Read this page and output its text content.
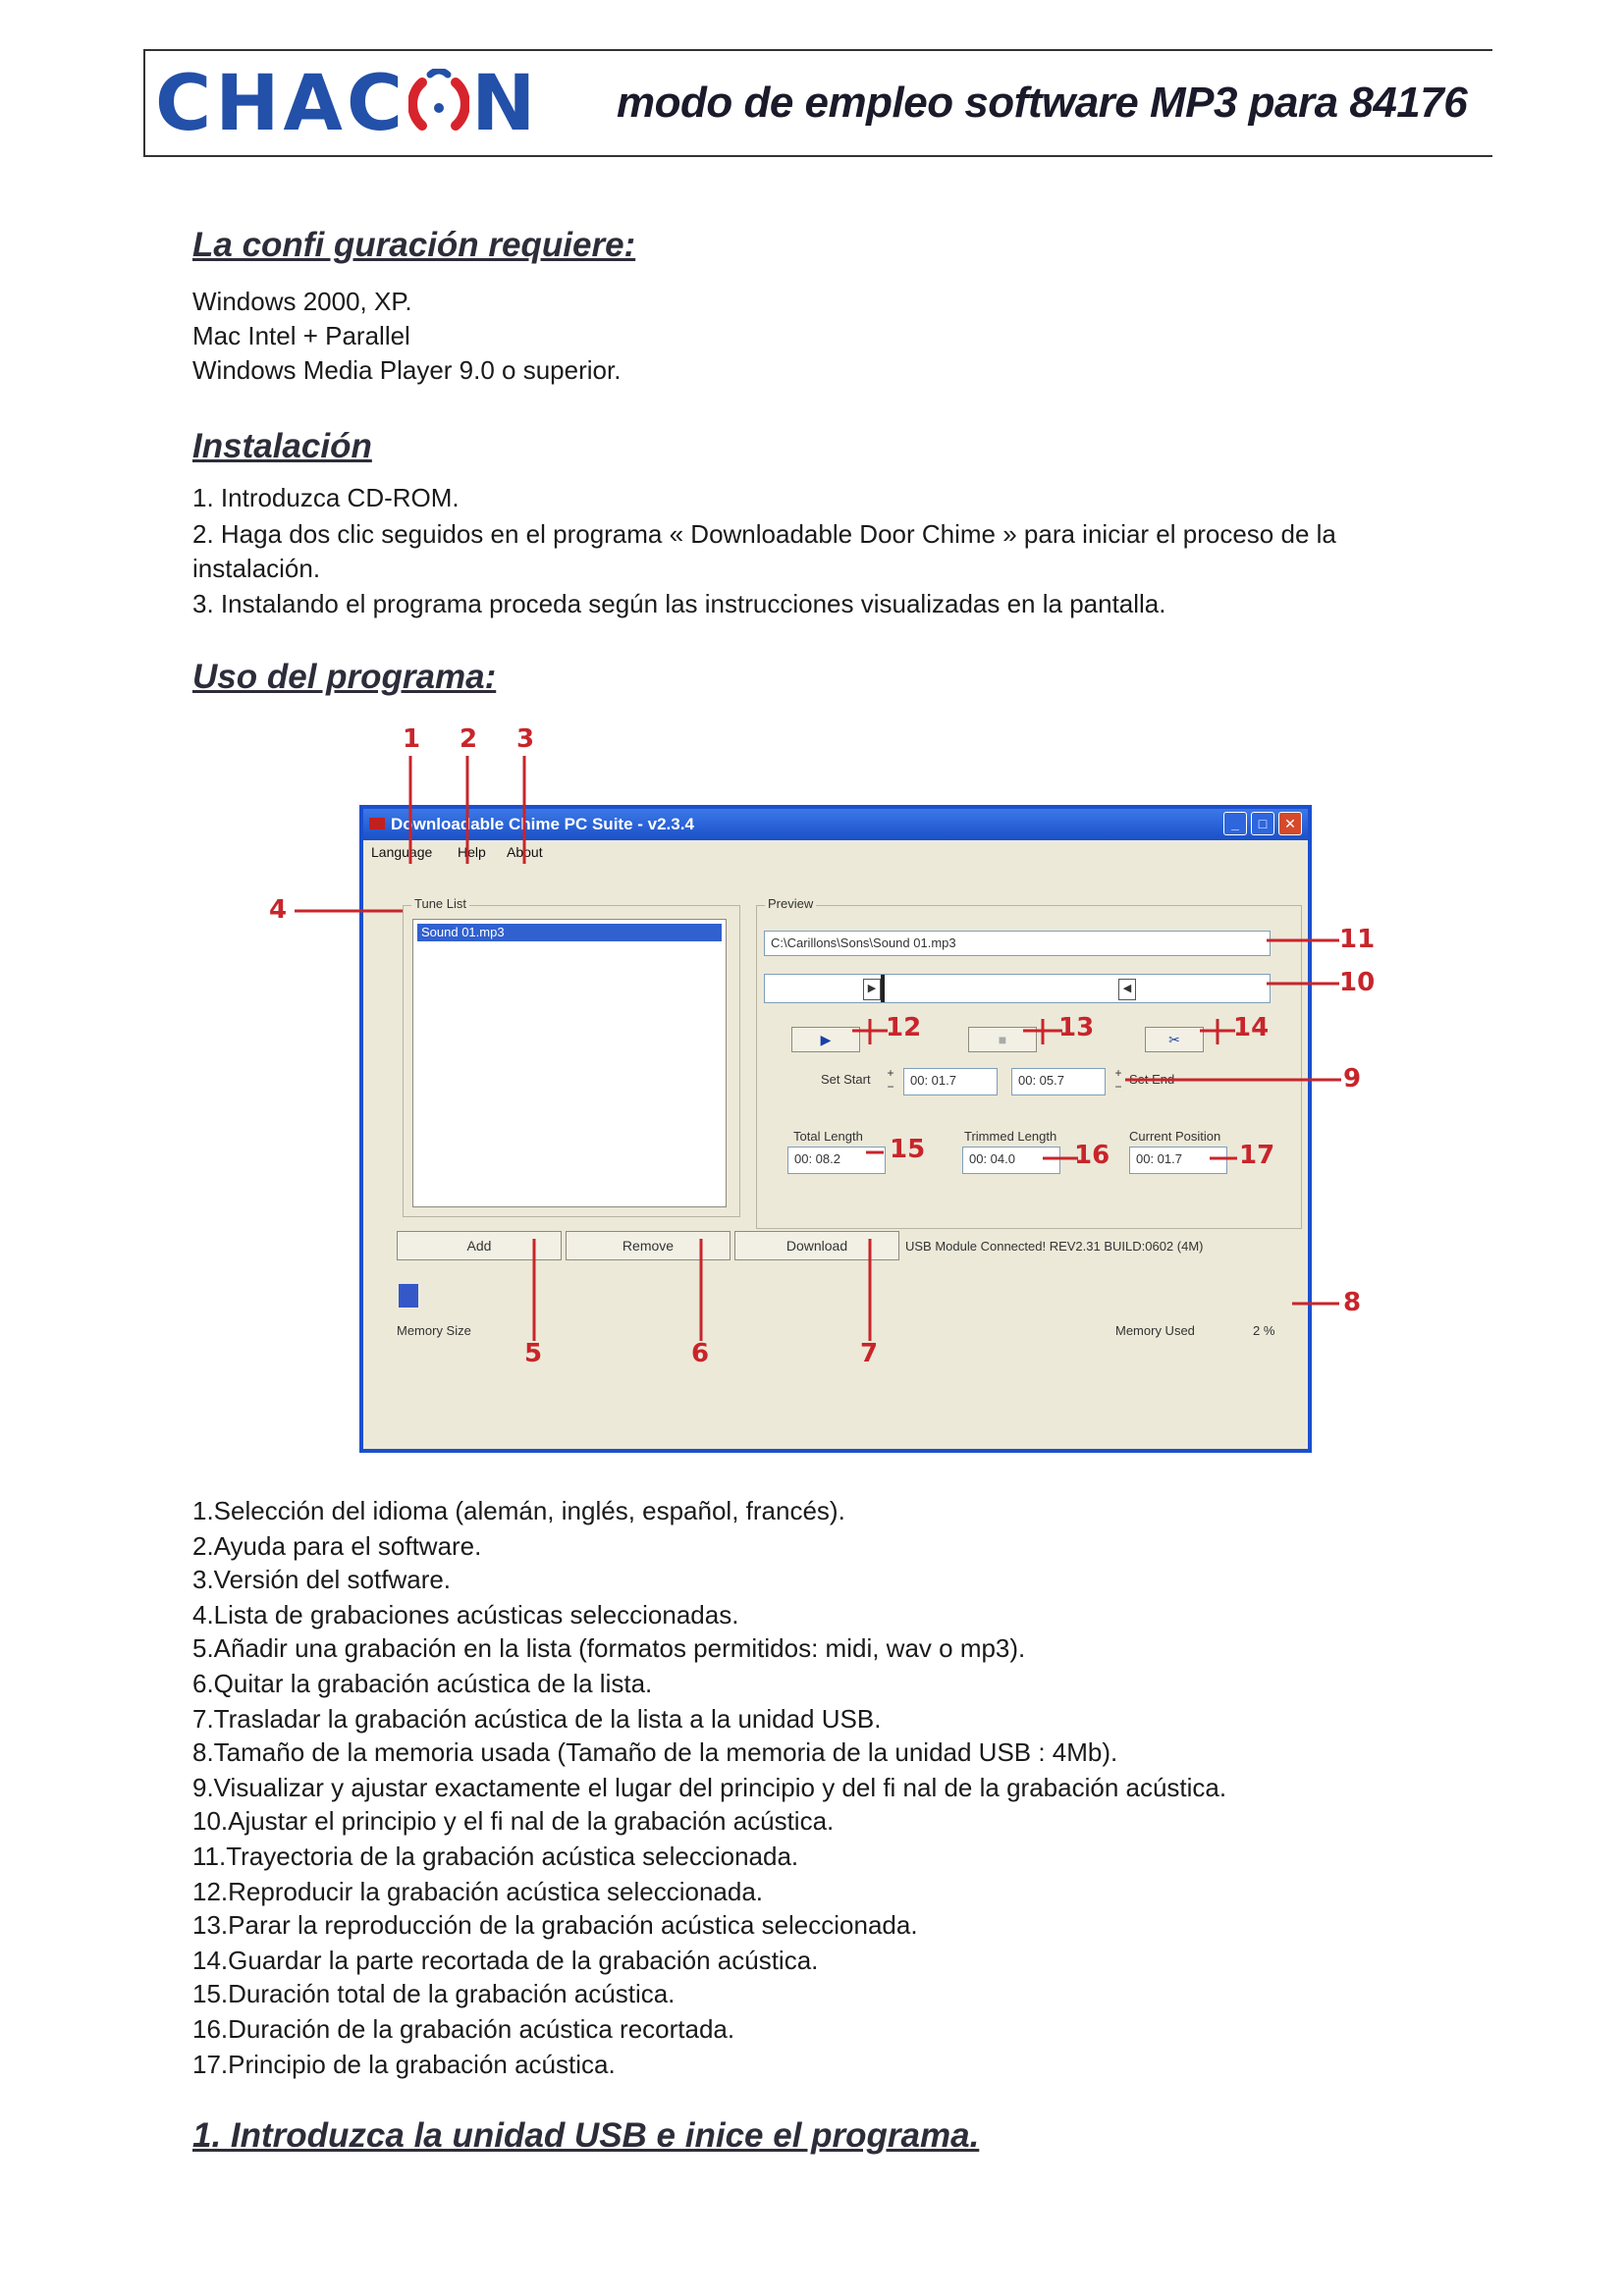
CHAC N modo de empleo software MP3 para 84176
La confi guración requiere:
Windows 2000, XP.
Mac Intel + Parallel
Windows Media Player 9.0 o superior.
Instalación
1. Introduzca CD-ROM.
2. Haga dos clic seguidos en el programa « Downloadable Door Chime » para iniciar el proceso de la instalación.
3. Instalando el programa proceda según las instrucciones visualizadas en la pantalla.
Uso del programa:
Downloadable Chime PC Suite - v2.3.4	_	□	✕
Language Help About
Tune List
Sound 01.mp3
Preview
C:\Carillons\Sons\Sound 01.mp3
▶	◀
▶	■	✂
Set Start +
−	00: 01.7	00: 05.7	+
− Set End
Total Length
00: 08.2
Trimmed Length
00: 04.0
Current Position
00: 01.7
Add	Remove	Download	USB Module Connected! REV2.31 BUILD:0602 (4M)
Memory Size	Memory Used	2 %
1 2 3
4
5	6	7
8
9
10
11
12	13	14
15	16	17
1.Selección del idioma (alemán, inglés, español, francés).
2.Ayuda para el software.
3.Versión del sotfware.
4.Lista de grabaciones acústicas seleccionadas.
5.Añadir una grabación en la lista (formatos permitidos: midi, wav o mp3).
6.Quitar la grabación acústica de la lista.
7.Trasladar la grabación acústica de la lista a la unidad USB.
8.Tamaño de la memoria usada (Tamaño de la memoria de la unidad USB : 4Mb).
9.Visualizar y ajustar exactamente el lugar del principio y del fi nal de la grabación acústica.
10.Ajustar el principio y el fi nal de la grabación acústica.
11.Trayectoria de la grabación acústica seleccionada.
12.Reproducir la grabación acústica seleccionada.
13.Parar la reproducción de la grabación acústica seleccionada.
14.Guardar la parte recortada de la grabación acústica.
15.Duración total de la grabación acústica.
16.Duración de la grabación acústica recortada.
17.Principio de la grabación acústica.
1. Introduzca la unidad USB e inice el programa.
